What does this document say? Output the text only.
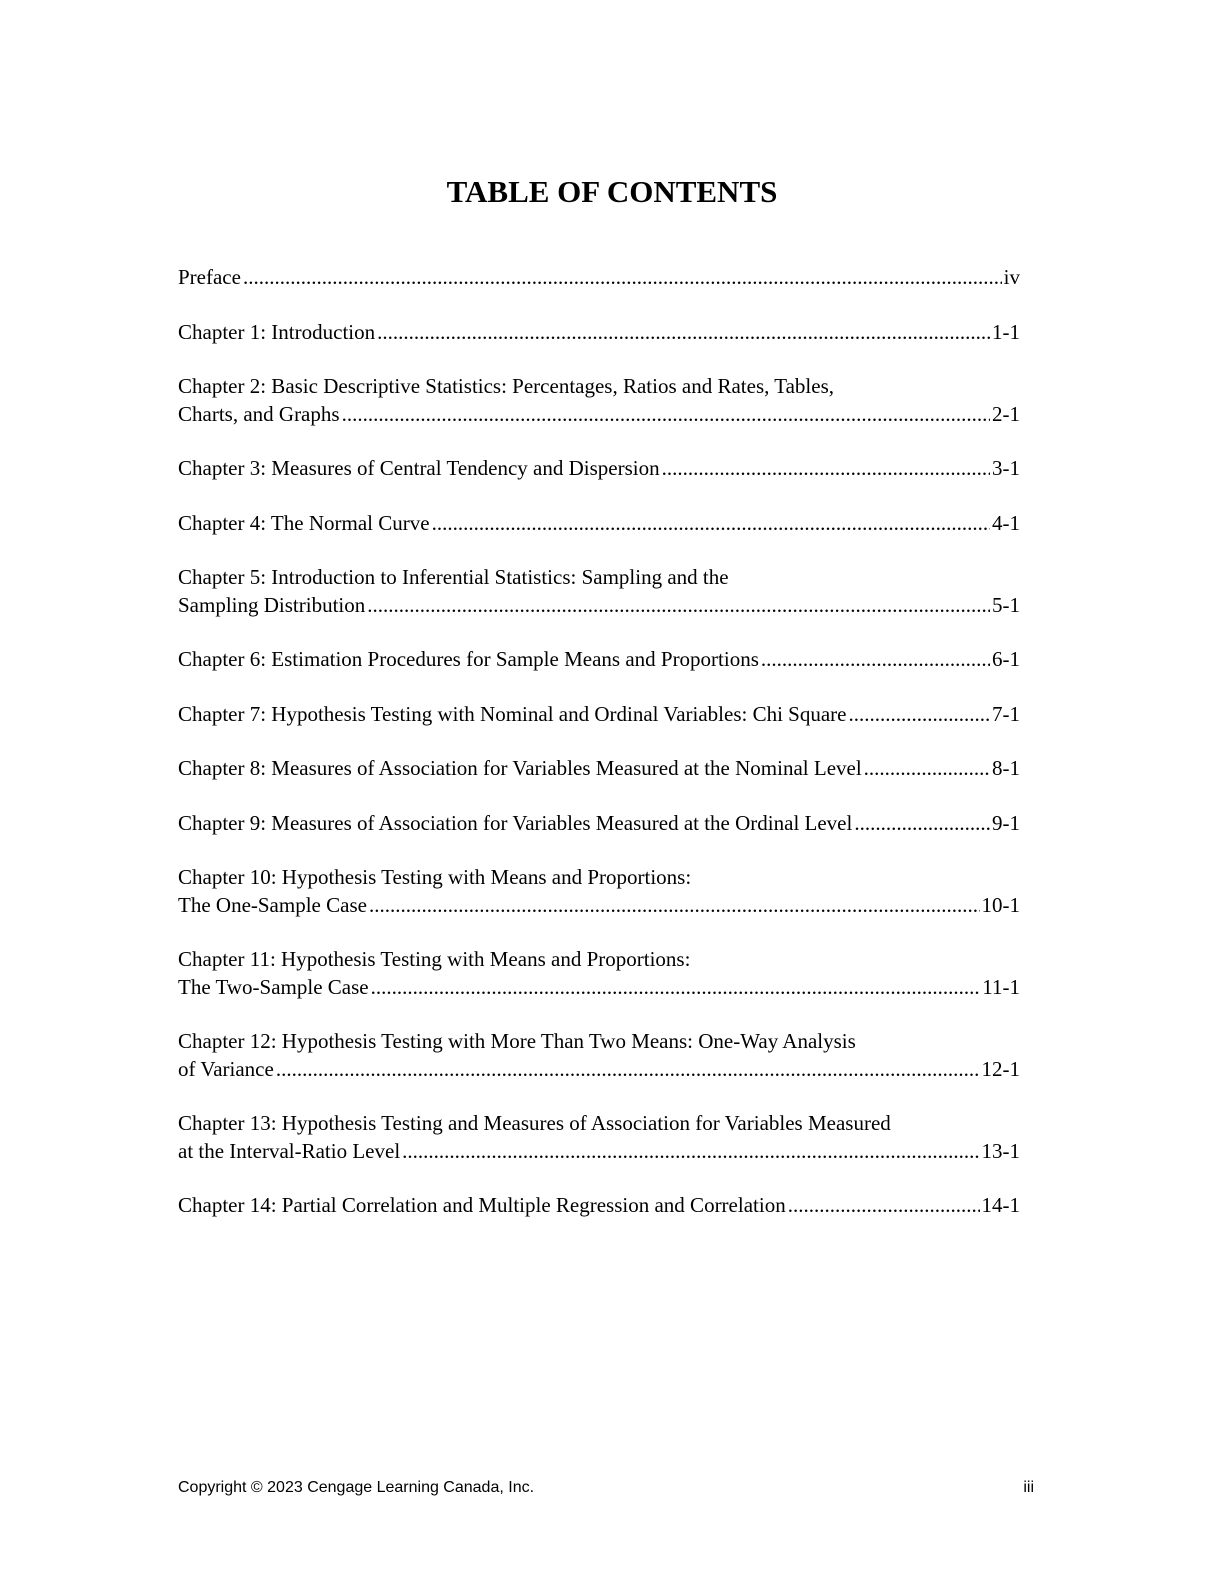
TABLE OF CONTENTS
Preface .....	iv
Chapter 1: Introduction .....	1-1
Chapter 2: Basic Descriptive Statistics: Percentages, Ratios and Rates, Tables,
Charts, and Graphs .....	2-1
Chapter 3: Measures of Central Tendency and Dispersion .....	3-1
Chapter 4: The Normal Curve .....	4-1
Chapter 5: Introduction to Inferential Statistics: Sampling and the
Sampling Distribution .....	5-1
Chapter 6: Estimation Procedures for Sample Means and Proportions .....	6-1
Chapter 7: Hypothesis Testing with Nominal and Ordinal Variables: Chi Square .....	7-1
Chapter 8: Measures of Association for Variables Measured at the Nominal Level .....	8-1
Chapter 9: Measures of Association for Variables Measured at the Ordinal Level .....	9-1
Chapter 10: Hypothesis Testing with Means and Proportions:
The One-Sample Case .....	10-1
Chapter 11: Hypothesis Testing with Means and Proportions:
The Two-Sample Case .....	11-1
Chapter 12: Hypothesis Testing with More Than Two Means: One-Way Analysis
of Variance .....	12-1
Chapter 13: Hypothesis Testing and Measures of Association for Variables Measured
at the Interval-Ratio Level .....	13-1
Chapter 14: Partial Correlation and Multiple Regression and Correlation .....	14-1
Copyright © 2023 Cengage Learning Canada, Inc.	iii
